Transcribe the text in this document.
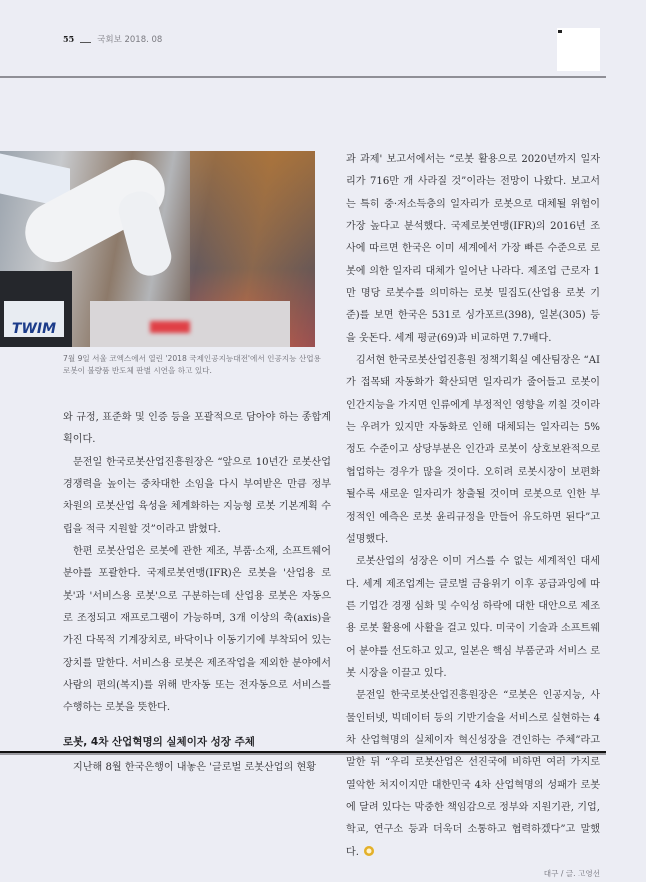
55	국회보 2018. 08
TWIM
7월 9일 서울 코엑스에서 열린 '2018 국제인공지능대전'에서 인공지능 산업용 로봇이 불량품 반도체 판별 시연을 하고 있다.

와 규정, 표준화 및 인증 등을 포괄적으로 담아야 하는 종합계획이다.

문전일 한국로봇산업진흥원장은 “앞으로 10년간 로봇산업 경쟁력을 높이는 중차대한 소임을 다시 부여받은 만큼 정부 차원의 로봇산업 육성을 체계화하는 지능형 로봇 기본계획 수립을 적극 지원할 것”이라고 밝혔다.

한편 로봇산업은 로봇에 관한 제조, 부품·소재, 소프트웨어 분야를 포괄한다. 국제로봇연맹(IFR)은 로봇을 '산업용 로봇'과 '서비스용 로봇'으로 구분하는데 산업용 로봇은 자동으로 조정되고 재프로그램이 가능하며, 3개 이상의 축(axis)을 가진 다목적 기계장치로, 바닥이나 이동기기에 부착되어 있는 장치를 말한다. 서비스용 로봇은 제조작업을 제외한 분야에서 사람의 편의(복지)를 위해 반자동 또는 전자동으로 서비스를 수행하는 로봇을 뜻한다.

로봇, 4차 산업혁명의 실체이자 성장 주체

지난해 8월 한국은행이 내놓은 '글로벌 로봇산업의 현황

과 과제' 보고서에서는 “로봇 활용으로 2020년까지 일자리가 716만 개 사라질 것”이라는 전망이 나왔다. 보고서는 특히 중·저소득층의 일자리가 로봇으로 대체될 위험이 가장 높다고 분석했다. 국제로봇연맹(IFR)의 2016년 조사에 따르면 한국은 이미 세계에서 가장 빠른 수준으로 로봇에 의한 일자리 대체가 일어난 나라다. 제조업 근로자 1만 명당 로봇수를 의미하는 로봇 밀집도(산업용 로봇 기준)를 보면 한국은 531로 싱가포르(398), 일본(305) 등을 웃돈다. 세계 평균(69)과 비교하면 7.7배다.

김서현 한국로봇산업진흥원 정책기획실 예산팀장은 “AI가 접목돼 자동화가 확산되면 일자리가 줄어들고 로봇이 인간지능을 가지면 인류에게 부정적인 영향을 끼칠 것이라는 우려가 있지만 자동화로 인해 대체되는 일자리는 5% 정도 수준이고 상당부분은 인간과 로봇이 상호보완적으로 협업하는 경우가 많을 것이다. 오히려 로봇시장이 보편화될수록 새로운 일자리가 창출될 것이며 로봇으로 인한 부정적인 예측은 로봇 윤리규정을 만들어 유도하면 된다”고 설명했다.

로봇산업의 성장은 이미 거스를 수 없는 세계적인 대세다. 세계 제조업계는 글로벌 금융위기 이후 공급과잉에 따른 기업간 경쟁 심화 및 수익성 하락에 대한 대안으로 제조용 로봇 활용에 사활을 걸고 있다. 미국이 기술과 소프트웨어 분야를 선도하고 있고, 일본은 핵심 부품군과 서비스 로봇 시장을 이끌고 있다.

문전일 한국로봇산업진흥원장은 “로봇은 인공지능, 사물인터넷, 빅데이터 등의 기반기술을 서비스로 실현하는 4차 산업혁명의 실체이자 혁신성장을 견인하는 주체”라고 말한 뒤 “우리 로봇산업은 선진국에 비하면 여러 가지로 열악한 처지이지만 대한민국 4차 산업혁명의 성패가 로봇에 달려 있다는 막중한 책임감으로 정부와 지원기관, 기업, 학교, 연구소 등과 더욱더 소통하고 협력하겠다”고 말했다.

대구 / 글. 고영선
